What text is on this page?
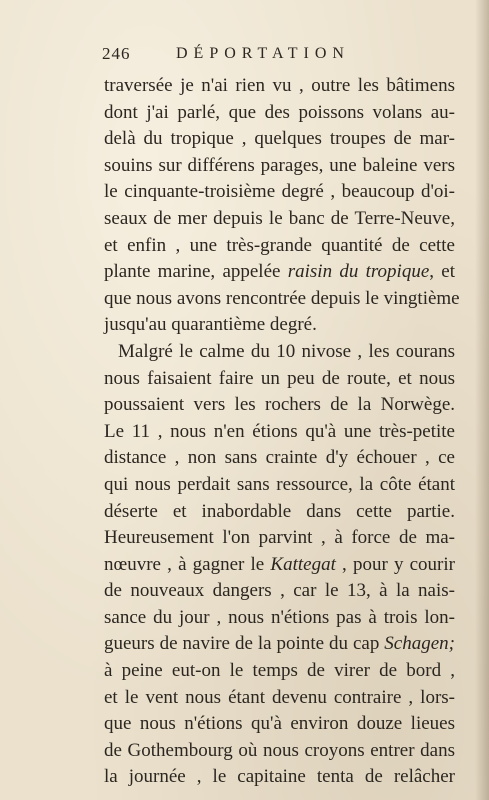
246	DÉPORTATION
traversée je n'ai rien vu , outre les bâtimens
dont j'ai parlé, que des poissons volans au-
delà du tropique , quelques troupes de mar-
souins sur différens parages, une baleine vers
le cinquante-troisième degré , beaucoup d'oi-
seaux de mer depuis le banc de Terre-Neuve,
et enfin , une très-grande quantité de cette
plante marine, appelée raisin du tropique, et
que nous avons rencontrée depuis le vingtième
jusqu'au quarantième degré.
Malgré le calme du 10 nivose , les courans
nous faisaient faire un peu de route, et nous
poussaient vers les rochers de la Norwège.
Le 11 , nous n'en étions qu'à une très-petite
distance , non sans crainte d'y échouer , ce
qui nous perdait sans ressource, la côte étant
déserte et inabordable dans cette partie.
Heureusement l'on parvint , à force de ma-
nœuvre , à gagner le Kattegat , pour y courir
de nouveaux dangers , car le 13, à la nais-
sance du jour , nous n'étions pas à trois lon-
gueurs de navire de la pointe du cap Schagen;
à peine eut-on le temps de virer de bord ,
et le vent nous étant devenu contraire , lors-
que nous n'étions qu'à environ douze lieues
de Gothembourg où nous croyons entrer dans
la journée , le capitaine tenta de relâcher
